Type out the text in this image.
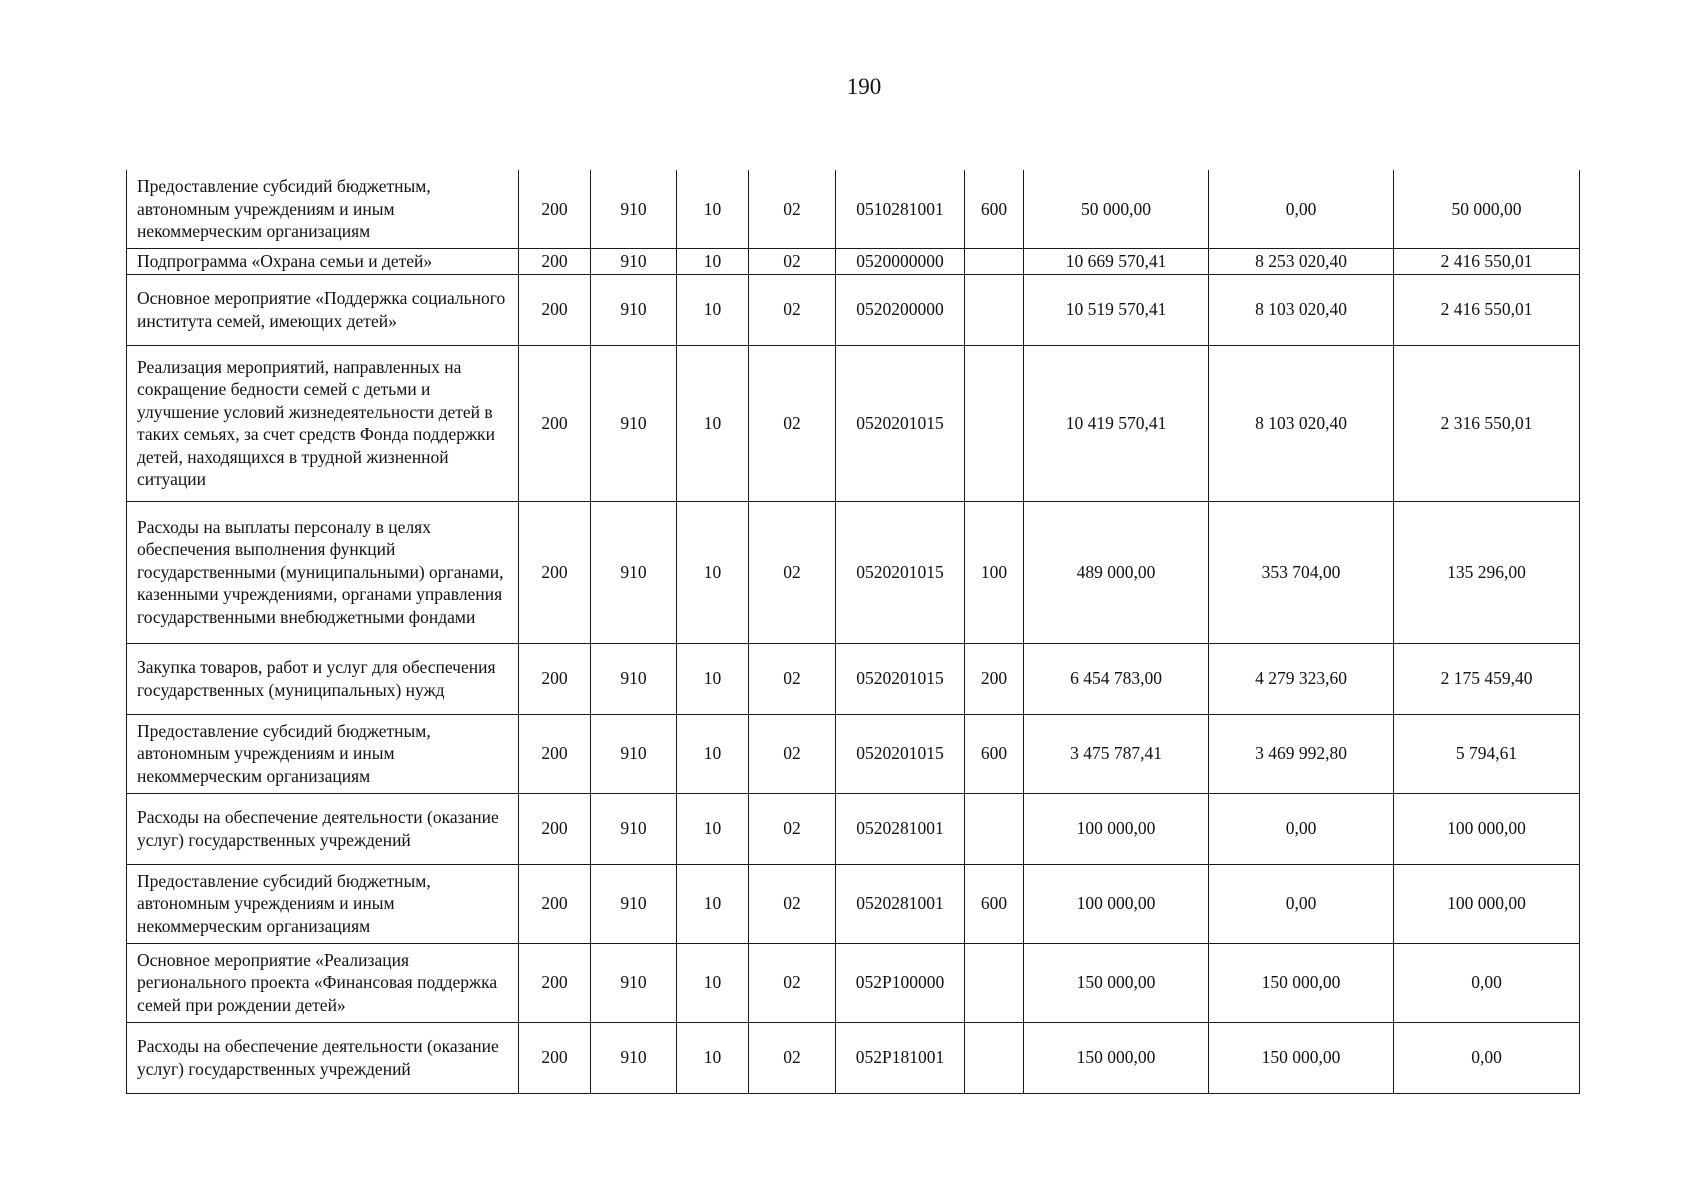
190
Предоставление субсидий бюджетным, автономным учреждениям и иным некоммерческим организациям	200	910	10	02	0510281001	600	50 000,00	0,00	50 000,00
Подпрограмма «Охрана семьи и детей»	200	910	10	02	0520000000		10 669 570,41	8 253 020,40	2 416 550,01
Основное мероприятие «Поддержка социального института семей, имеющих детей»	200	910	10	02	0520200000		10 519 570,41	8 103 020,40	2 416 550,01
Реализация мероприятий, направленных на сокращение бедности семей с детьми и улучшение условий жизнедеятельности детей в таких семьях, за счет средств Фонда поддержки детей, находящихся в трудной жизненной ситуации	200	910	10	02	0520201015		10 419 570,41	8 103 020,40	2 316 550,01
Расходы на выплаты персоналу в целях обеспечения выполнения функций государственными (муниципальными) органами, казенными учреждениями, органами управления государственными внебюджетными фондами	200	910	10	02	0520201015	100	489 000,00	353 704,00	135 296,00
Закупка товаров, работ и услуг для обеспечения государственных (муниципальных) нужд	200	910	10	02	0520201015	200	6 454 783,00	4 279 323,60	2 175 459,40
Предоставление субсидий бюджетным, автономным учреждениям и иным некоммерческим организациям	200	910	10	02	0520201015	600	3 475 787,41	3 469 992,80	5 794,61
Расходы на обеспечение деятельности (оказание услуг) государственных учреждений	200	910	10	02	0520281001		100 000,00	0,00	100 000,00
Предоставление субсидий бюджетным, автономным учреждениям и иным некоммерческим организациям	200	910	10	02	0520281001	600	100 000,00	0,00	100 000,00
Основное мероприятие «Реализация регионального проекта «Финансовая поддержка семей при рождении детей»	200	910	10	02	052P100000		150 000,00	150 000,00	0,00
Расходы на обеспечение деятельности (оказание услуг) государственных учреждений	200	910	10	02	052P181001		150 000,00	150 000,00	0,00
